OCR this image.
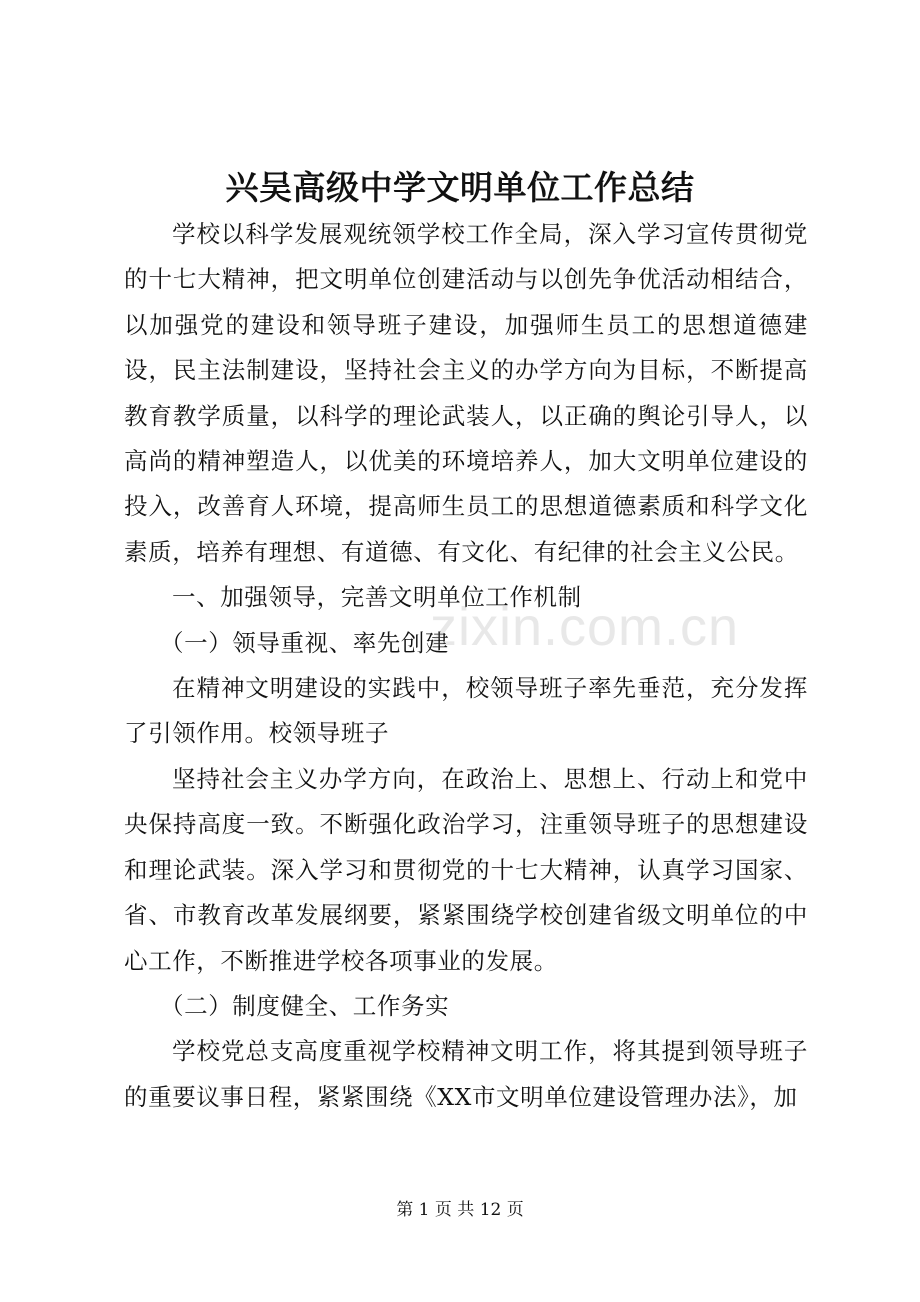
兴吴高级中学文明单位工作总结

学校以科学发展观统领学校工作全局，深入学习宣传贯彻党的十七大精神，把文明单位创建活动与以创先争优活动相结合，以加强党的建设和领导班子建设，加强师生员工的思想道德建设，民主法制建设，坚持社会主义的办学方向为目标，不断提高教育教学质量，以科学的理论武装人，以正确的舆论引导人，以高尚的精神塑造人，以优美的环境培养人，加大文明单位建设的投入，改善育人环境，提高师生员工的思想道德素质和科学文化素质，培养有理想、有道德、有文化、有纪律的社会主义公民。

一、加强领导，完善文明单位工作机制

（一）领导重视、率先创建

在精神文明建设的实践中，校领导班子率先垂范，充分发挥了引领作用。校领导班子

坚持社会主义办学方向，在政治上、思想上、行动上和党中央保持高度一致。不断强化政治学习，注重领导班子的思想建设和理论武装。深入学习和贯彻党的十七大精神，认真学习国家、省、市教育改革发展纲要，紧紧围绕学校创建省级文明单位的中心工作，不断推进学校各项事业的发展。

（二）制度健全、工作务实

学校党总支高度重视学校精神文明工作，将其提到领导班子的重要议事日程，紧紧围绕《XX市文明单位建设管理办法》，加

zixin.com.cn

第 1 页 共 12 页
